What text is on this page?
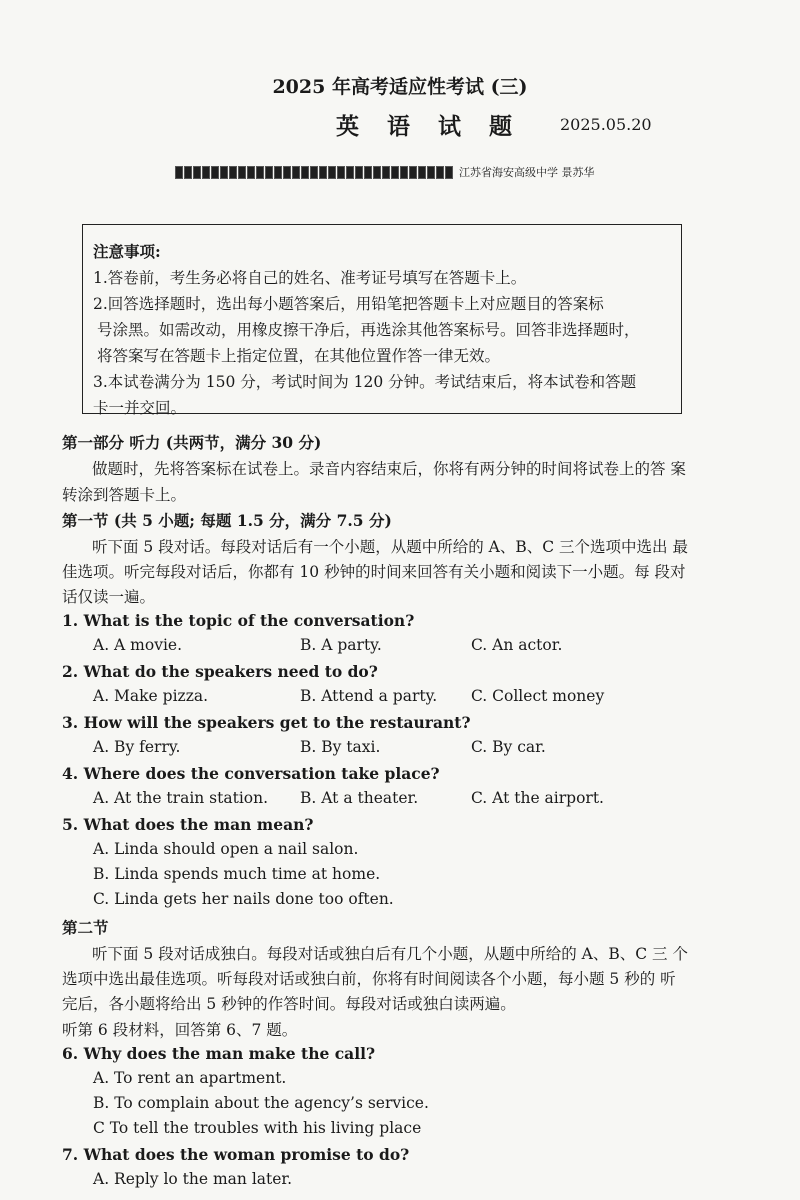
2025 年高考适应性考试 (三)
英 语 试 题 2025.05.20
江苏省海安高级中学 景苏华
注意事项:
1.答卷前，考生务必将自己的姓名、准考证号填写在答题卡上。
2.回答选择题时，选出每小题答案后，用铅笔把答题卡上对应题目的答案标
号涂黑。如需改动，用橡皮擦干净后，再选涂其他答案标号。回答非选择题时，
将答案写在答题卡上指定位置，在其他位置作答一律无效。
3.本试卷满分为 150 分，考试时间为 120 分钟。考试结束后，将本试卷和答题
卡一并交回。
第一部分 听力 (共两节，满分 30 分)
做题时，先将答案标在试卷上。录音内容结束后，你将有两分钟的时间将试卷上的答 案
转涂到答题卡上。
第一节 (共 5 小题; 每题 1.5 分，满分 7.5 分)
听下面 5 段对话。每段对话后有一个小题，从题中所给的 A、B、C 三个选项中选出 最
佳选项。听完每段对话后，你都有 10 秒钟的时间来回答有关小题和阅读下一小题。每 段对
话仅读一遍。
1. What is the topic of the conversation?
A. A movie.	B. A party.	C. An actor.
2. What do the speakers need to do?
A. Make pizza.	B. Attend a party. C. Collect money
3. How will the speakers get to the restaurant?
A. By ferry.	B. By taxi.	C. By car.
4. Where does the conversation take place?
A. At the train station. B. At a theater.	C. At the airport.
5. What does the man mean?
A. Linda should open a nail salon.
B. Linda spends much time at home.
C. Linda gets her nails done too often.
第二节
听下面 5 段对话成独白。每段对话或独白后有几个小题，从题中所给的 A、B、C 三 个
选项中选出最佳选项。听每段对话或独白前，你将有时间阅读各个小题，每小题 5 秒的 听
完后，各小题将给出 5 秒钟的作答时间。每段对话或独白读两遍。
听第 6 段材料，回答第 6、7 题。
6. Why does the man make the call?
A. To rent an apartment.
B. To complain about the agency’s service.
C To tell the troubles with his living place
7. What does the woman promise to do?
A. Reply lo the man later.
